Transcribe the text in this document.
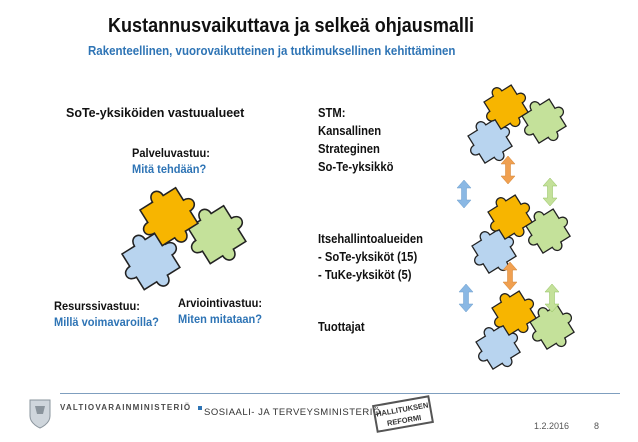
Kustannusvaikuttava ja selkeä ohjausmalli
Rakenteellinen, vuorovaikutteinen ja tutkimuksellinen kehittäminen
SoTe-yksiköiden vastuualueet
Palveluvastuu:
Mitä tehdään?
Resurssivastuu:
Millä voimavaroilla?
Arviointivastuu:
Miten mitataan?
STM:
Kansallinen
Strateginen
So-Te-yksikkö
Itsehallintoalueiden
- SoTe-yksiköt (15)
- TuKe-yksiköt (5)
Tuottajat
VALTIOVARAINMINISTERIÖ SOSIAALI- JA TERVEYSMINISTERIÖ
HALLITUKSEN REFORMI	1.2.2016	8
